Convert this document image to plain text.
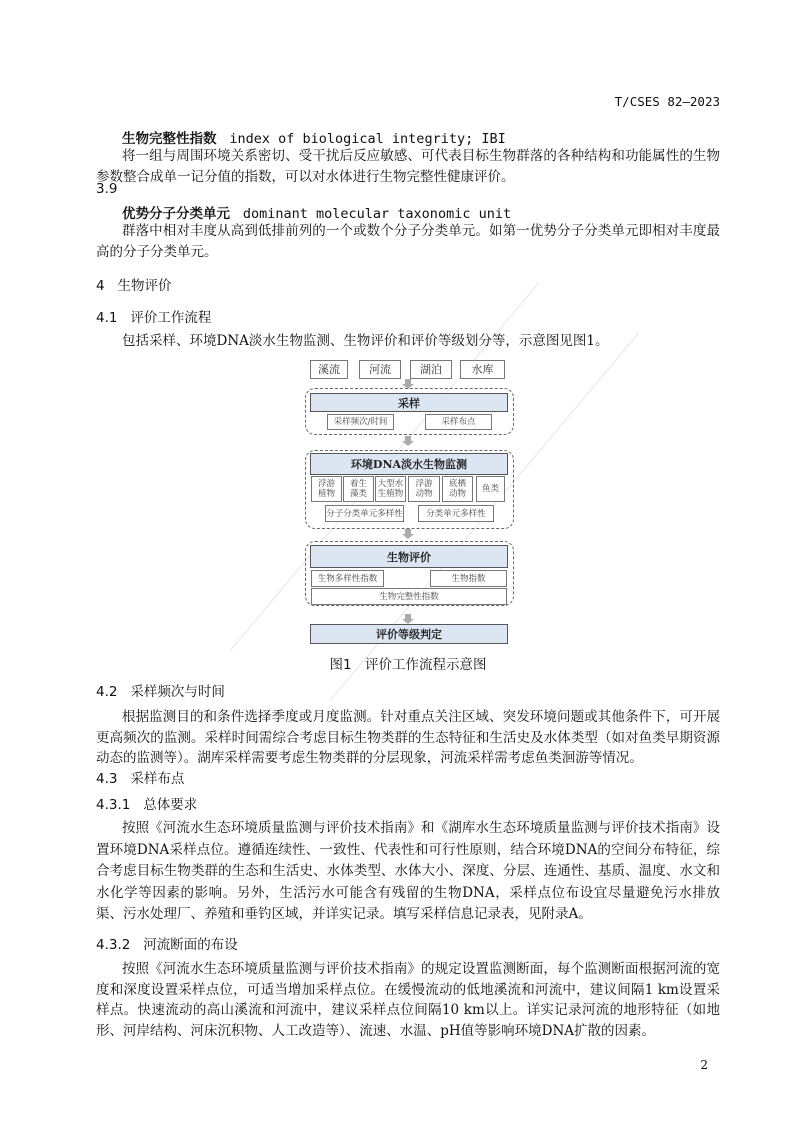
T/CSES 82—2023
生物完整性指数 index of biological integrity; IBI
将一组与周围环境关系密切、受干扰后反应敏感、可代表目标生物群落的各种结构和功能属性的生物参数整合成单一记分值的指数，可以对水体进行生物完整性健康评价。
3.9
优势分子分类单元 dominant molecular taxonomic unit
群落中相对丰度从高到低排前列的一个或数个分子分类单元。如第一优势分子分类单元即相对丰度最高的分子分类单元。
4 生物评价
4.1 评价工作流程
包括采样、环境DNA淡水生物监测、生物评价和评价等级划分等，示意图见图1。
溪流	河流	湖泊	水库
采样
采样频次/时间	采样布点
环境DNA淡水生物监测
浮游
植物
着生
藻类
大型水
生植物
浮游
动物
底栖
动物	鱼类
分子分类单元多样性	分类单元多样性
生物评价
生物多样性指数	生物指数
生物完整性指数
评价等级判定
图1　评价工作流程示意图
4.2 采样频次与时间
根据监测目的和条件选择季度或月度监测。针对重点关注区域、突发环境问题或其他条件下，可开展更高频次的监测。采样时间需综合考虑目标生物类群的生态特征和生活史及水体类型（如对鱼类早期资源动态的监测等）。湖库采样需要考虑生物类群的分层现象，河流采样需考虑鱼类洄游等情况。
4.3 采样布点
4.3.1 总体要求
按照《河流水生态环境质量监测与评价技术指南》和《湖库水生态环境质量监测与评价技术指南》设置环境DNA采样点位。遵循连续性、一致性、代表性和可行性原则，结合环境DNA的空间分布特征，综合考虑目标生物类群的生态和生活史、水体类型、水体大小、深度、分层、连通性、基质、温度、水文和水化学等因素的影响。另外，生活污水可能含有残留的生物DNA，采样点位布设宜尽量避免污水排放渠、污水处理厂、养殖和垂钓区域，并详实记录。填写采样信息记录表，见附录A。
4.3.2 河流断面的布设
按照《河流水生态环境质量监测与评价技术指南》的规定设置监测断面，每个监测断面根据河流的宽度和深度设置采样点位，可适当增加采样点位。在缓慢流动的低地溪流和河流中，建议间隔1 km设置采样点。快速流动的高山溪流和河流中，建议采样点位间隔10 km以上。详实记录河流的地形特征（如地形、河岸结构、河床沉积物、人工改造等）、流速、水温、pH值等影响环境DNA扩散的因素。
2
